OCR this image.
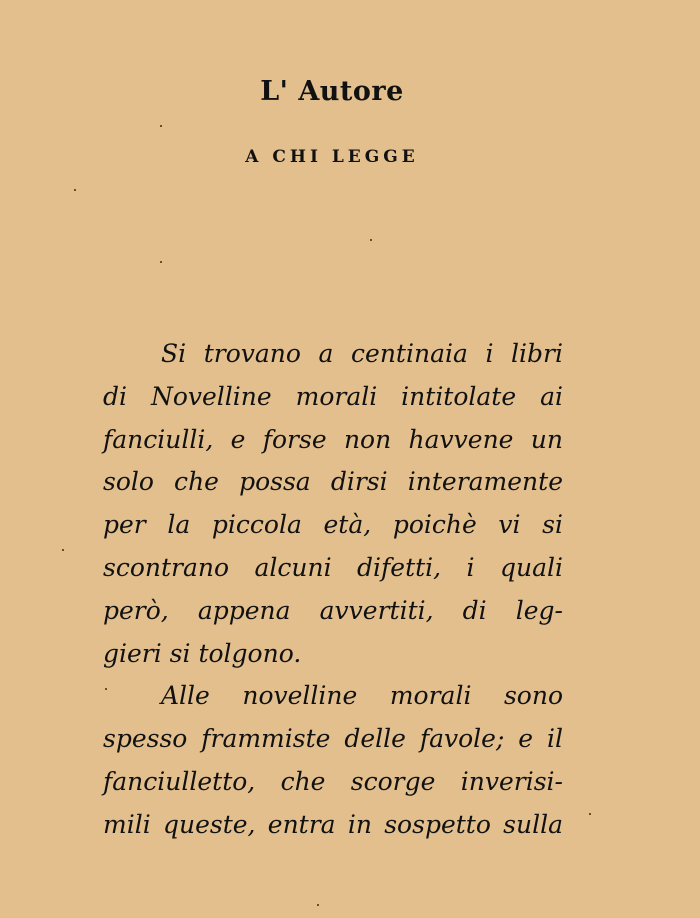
L' Autore
A CHI LEGGE
Si trovano a centinaia i libri
di Novelline morali intitolate ai
fanciulli, e forse non havvene un
solo che possa dirsi interamente
per la piccola età, poichè vi si
scontrano alcuni difetti, i quali
però, appena avvertiti, di leg-
gieri si tolgono.
Alle novelline morali sono
spesso frammiste delle favole; e il
fanciulletto, che scorge inverisi-
mili queste, entra in sospetto sulla
